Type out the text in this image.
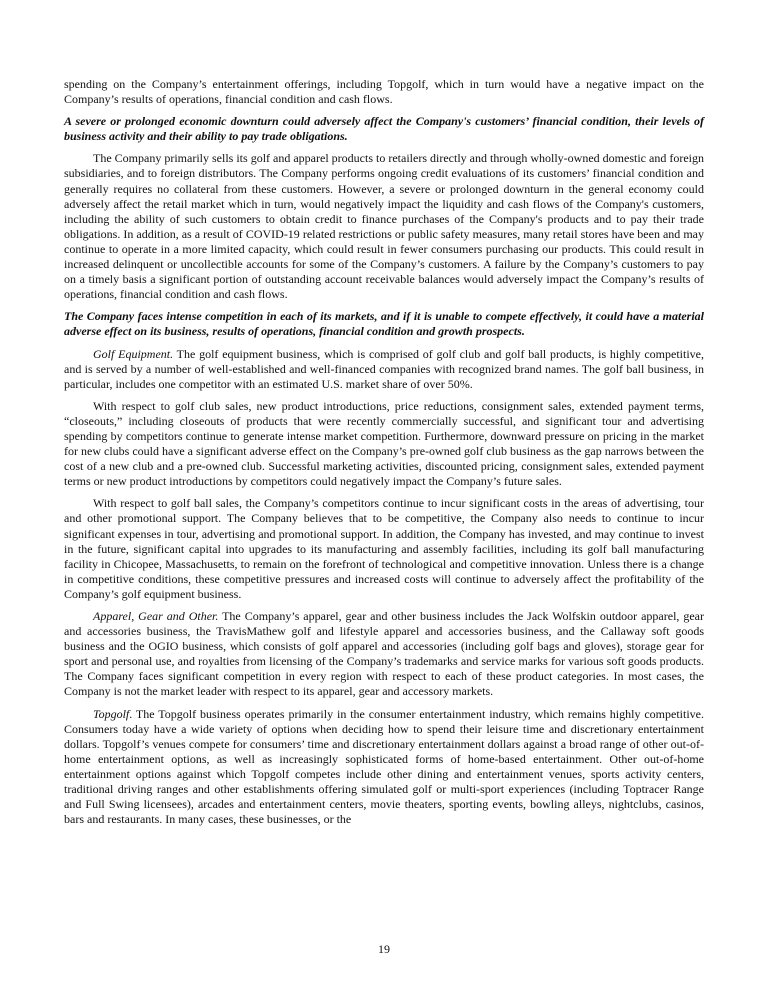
spending on the Company’s entertainment offerings, including Topgolf, which in turn would have a negative impact on the Company’s results of operations, financial condition and cash flows.

A severe or prolonged economic downturn could adversely affect the Company's customers’ financial condition, their levels of business activity and their ability to pay trade obligations.

The Company primarily sells its golf and apparel products to retailers directly and through wholly-owned domestic and foreign subsidiaries, and to foreign distributors. The Company performs ongoing credit evaluations of its customers’ financial condition and generally requires no collateral from these customers. However, a severe or prolonged downturn in the general economy could adversely affect the retail market which in turn, would negatively impact the liquidity and cash flows of the Company's customers, including the ability of such customers to obtain credit to finance purchases of the Company's products and to pay their trade obligations. In addition, as a result of COVID-19 related restrictions or public safety measures, many retail stores have been and may continue to operate in a more limited capacity, which could result in fewer consumers purchasing our products. This could result in increased delinquent or uncollectible accounts for some of the Company’s customers. A failure by the Company’s customers to pay on a timely basis a significant portion of outstanding account receivable balances would adversely impact the Company’s results of operations, financial condition and cash flows.

The Company faces intense competition in each of its markets, and if it is unable to compete effectively, it could have a material adverse effect on its business, results of operations, financial condition and growth prospects.

Golf Equipment. The golf equipment business, which is comprised of golf club and golf ball products, is highly competitive, and is served by a number of well-established and well-financed companies with recognized brand names. The golf ball business, in particular, includes one competitor with an estimated U.S. market share of over 50%.

With respect to golf club sales, new product introductions, price reductions, consignment sales, extended payment terms, “closeouts,” including closeouts of products that were recently commercially successful, and significant tour and advertising spending by competitors continue to generate intense market competition. Furthermore, downward pressure on pricing in the market for new clubs could have a significant adverse effect on the Company’s pre-owned golf club business as the gap narrows between the cost of a new club and a pre-owned club. Successful marketing activities, discounted pricing, consignment sales, extended payment terms or new product introductions by competitors could negatively impact the Company’s future sales.

With respect to golf ball sales, the Company’s competitors continue to incur significant costs in the areas of advertising, tour and other promotional support. The Company believes that to be competitive, the Company also needs to continue to incur significant expenses in tour, advertising and promotional support. In addition, the Company has invested, and may continue to invest in the future, significant capital into upgrades to its manufacturing and assembly facilities, including its golf ball manufacturing facility in Chicopee, Massachusetts, to remain on the forefront of technological and competitive innovation. Unless there is a change in competitive conditions, these competitive pressures and increased costs will continue to adversely affect the profitability of the Company’s golf equipment business.

Apparel, Gear and Other. The Company’s apparel, gear and other business includes the Jack Wolfskin outdoor apparel, gear and accessories business, the TravisMathew golf and lifestyle apparel and accessories business, and the Callaway soft goods business and the OGIO business, which consists of golf apparel and accessories (including golf bags and gloves), storage gear for sport and personal use, and royalties from licensing of the Company’s trademarks and service marks for various soft goods products. The Company faces significant competition in every region with respect to each of these product categories. In most cases, the Company is not the market leader with respect to its apparel, gear and accessory markets.

Topgolf. The Topgolf business operates primarily in the consumer entertainment industry, which remains highly competitive. Consumers today have a wide variety of options when deciding how to spend their leisure time and discretionary entertainment dollars. Topgolf’s venues compete for consumers’ time and discretionary entertainment dollars against a broad range of other out-of-home entertainment options, as well as increasingly sophisticated forms of home-based entertainment. Other out-of-home entertainment options against which Topgolf competes include other dining and entertainment venues, sports activity centers, traditional driving ranges and other establishments offering simulated golf or multi-sport experiences (including Toptracer Range and Full Swing licensees), arcades and entertainment centers, movie theaters, sporting events, bowling alleys, nightclubs, casinos, bars and restaurants. In many cases, these businesses, or the

19
